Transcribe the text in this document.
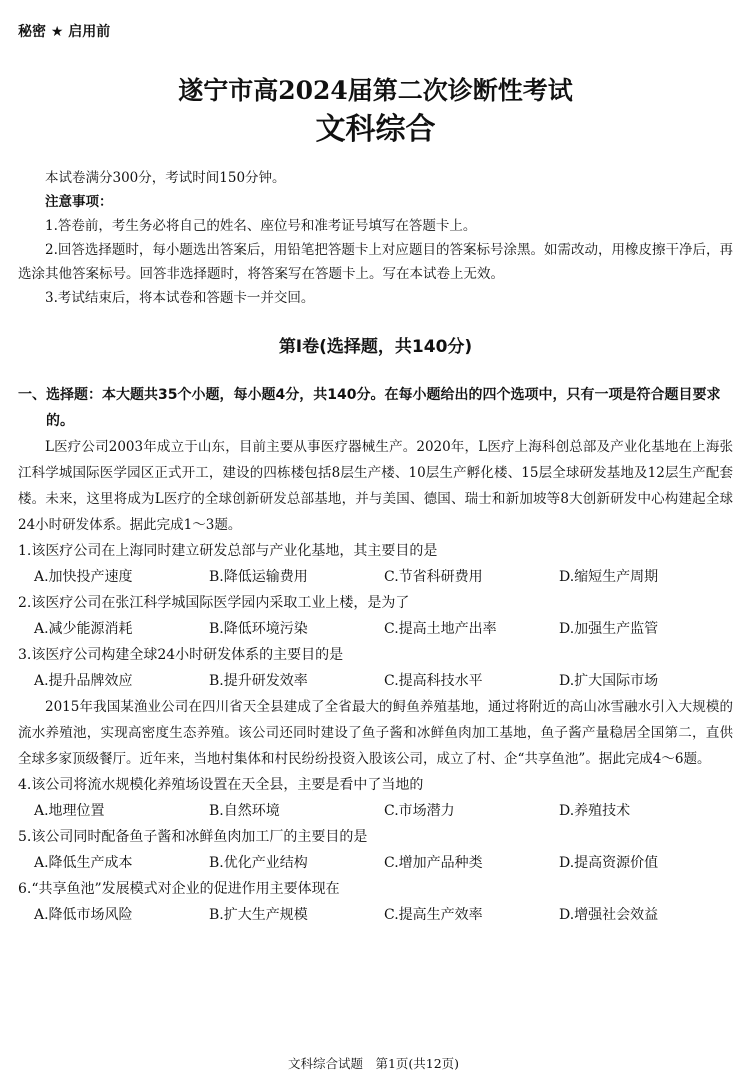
秘密 ★ 启用前
遂宁市高2024届第二次诊断性考试
文科综合

本试卷满分300分，考试时间150分钟。

注意事项：

1.答卷前，考生务必将自己的姓名、座位号和准考证号填写在答题卡上。

2.回答选择题时，每小题选出答案后，用铅笔把答题卡上对应题目的答案标号涂黑。如需改动，用橡皮擦干净后，再选涂其他答案标号。回答非选择题时，将答案写在答题卡上。写在本试卷上无效。

3.考试结束后，将本试卷和答题卡一并交回。

第Ⅰ卷(选择题，共140分)
一、选择题：本大题共35个小题，每小题4分，共140分。在每小题给出的四个选项中，只有一项是符合题目要求的。

L医疗公司2003年成立于山东，目前主要从事医疗器械生产。2020年，L医疗上海科创总部及产业化基地在上海张江科学城国际医学园区正式开工，建设的四栋楼包括8层生产楼、10层生产孵化楼、15层全球研发基地及12层生产配套楼。未来，这里将成为L医疗的全球创新研发总部基地，并与美国、德国、瑞士和新加坡等8大创新研发中心构建起全球24小时研发体系。据此完成1～3题。

1.该医疗公司在上海同时建立研发总部与产业化基地，其主要目的是

A.加快投产速度	B.降低运输费用	C.节省科研费用	D.缩短生产周期

2.该医疗公司在张江科学城国际医学园内采取工业上楼，是为了

A.减少能源消耗	B.降低环境污染	C.提高土地产出率	D.加强生产监管

3.该医疗公司构建全球24小时研发体系的主要目的是

A.提升品牌效应	B.提升研发效率	C.提高科技水平	D.扩大国际市场

2015年我国某渔业公司在四川省天全县建成了全省最大的鲟鱼养殖基地，通过将附近的高山冰雪融水引入大规模的流水养殖池，实现高密度生态养殖。该公司还同时建设了鱼子酱和冰鲜鱼肉加工基地，鱼子酱产量稳居全国第二，直供全球多家顶级餐厅。近年来，当地村集体和村民纷纷投资入股该公司，成立了村、企“共享鱼池”。据此完成4～6题。

4.该公司将流水规模化养殖场设置在天全县，主要是看中了当地的

A.地理位置	B.自然环境	C.市场潜力	D.养殖技术

5.该公司同时配备鱼子酱和冰鲜鱼肉加工厂的主要目的是

A.降低生产成本	B.优化产业结构	C.增加产品种类	D.提高资源价值

6.“共享鱼池”发展模式对企业的促进作用主要体现在

A.降低市场风险	B.扩大生产规模	C.提高生产效率	D.增强社会效益
文科综合试题　第1页(共12页)
